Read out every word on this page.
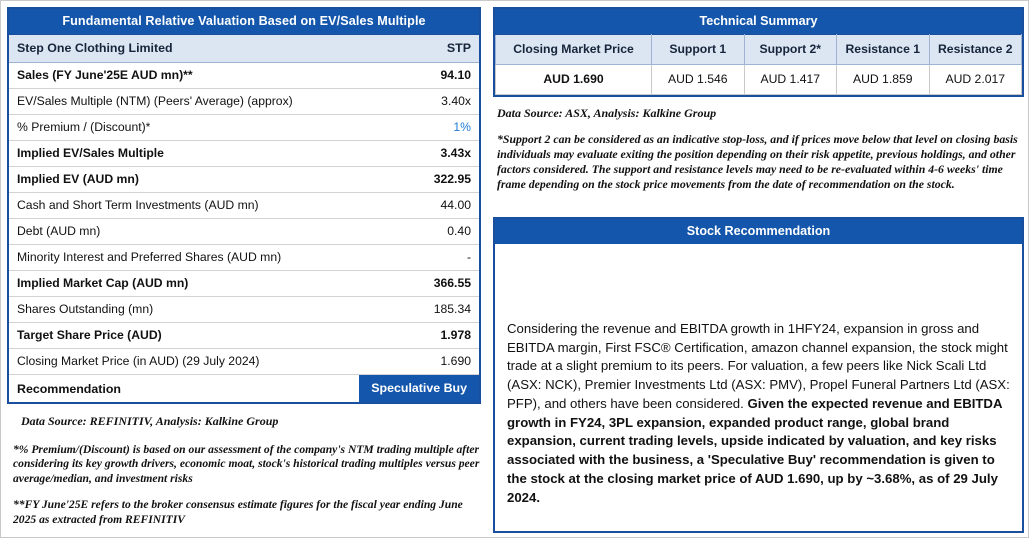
Fundamental Relative Valuation Based on EV/Sales Multiple
Step One Clothing Limited	STP
Sales (FY June'25E AUD mn)**	94.10
EV/Sales Multiple (NTM) (Peers' Average) (approx)	3.40x
% Premium / (Discount)*	1%
Implied EV/Sales Multiple	3.43x
Implied EV (AUD mn)	322.95
Cash and Short Term Investments (AUD mn)	44.00
Debt (AUD mn)	0.40
Minority Interest and Preferred Shares (AUD mn)	-
Implied Market Cap (AUD mn)	366.55
Shares Outstanding (mn)	185.34
Target Share Price (AUD)	1.978
Closing Market Price (in AUD) (29 July 2024)	1.690
Recommendation	Speculative Buy
Data Source: REFINITIV, Analysis: Kalkine Group
*% Premium/(Discount) is based on our assessment of the company's NTM trading multiple after considering its key growth drivers, economic moat, stock's historical trading multiples versus peer average/median, and investment risks
**FY June'25E refers to the broker consensus estimate figures for the fiscal year ending June 2025 as extracted from REFINITIV
Technical Summary
Closing Market Price	Support 1	Support 2*	Resistance 1	Resistance 2
AUD 1.690	AUD 1.546	AUD 1.417	AUD 1.859	AUD 2.017
Data Source: ASX, Analysis: Kalkine Group
*Support 2 can be considered as an indicative stop-loss, and if prices move below that level on closing basis individuals may evaluate exiting the position depending on their risk appetite, previous holdings, and other factors considered. The support and resistance levels may need to be re-evaluated within 4-6 weeks' time frame depending on the stock price movements from the date of recommendation on the stock.
Stock Recommendation
Considering the revenue and EBITDA growth in 1HFY24, expansion in gross and EBITDA margin, First FSC® Certification, amazon channel expansion, the stock might trade at a slight premium to its peers. For valuation, a few peers like Nick Scali Ltd (ASX: NCK), Premier Investments Ltd (ASX: PMV), Propel Funeral Partners Ltd (ASX: PFP), and others have been considered. Given the expected revenue and EBITDA growth in FY24, 3PL expansion, expanded product range, global brand expansion, current trading levels, upside indicated by valuation, and key risks associated with the business, a 'Speculative Buy' recommendation is given to the stock at the closing market price of AUD 1.690, up by ~3.68%, as of 29 July 2024.
